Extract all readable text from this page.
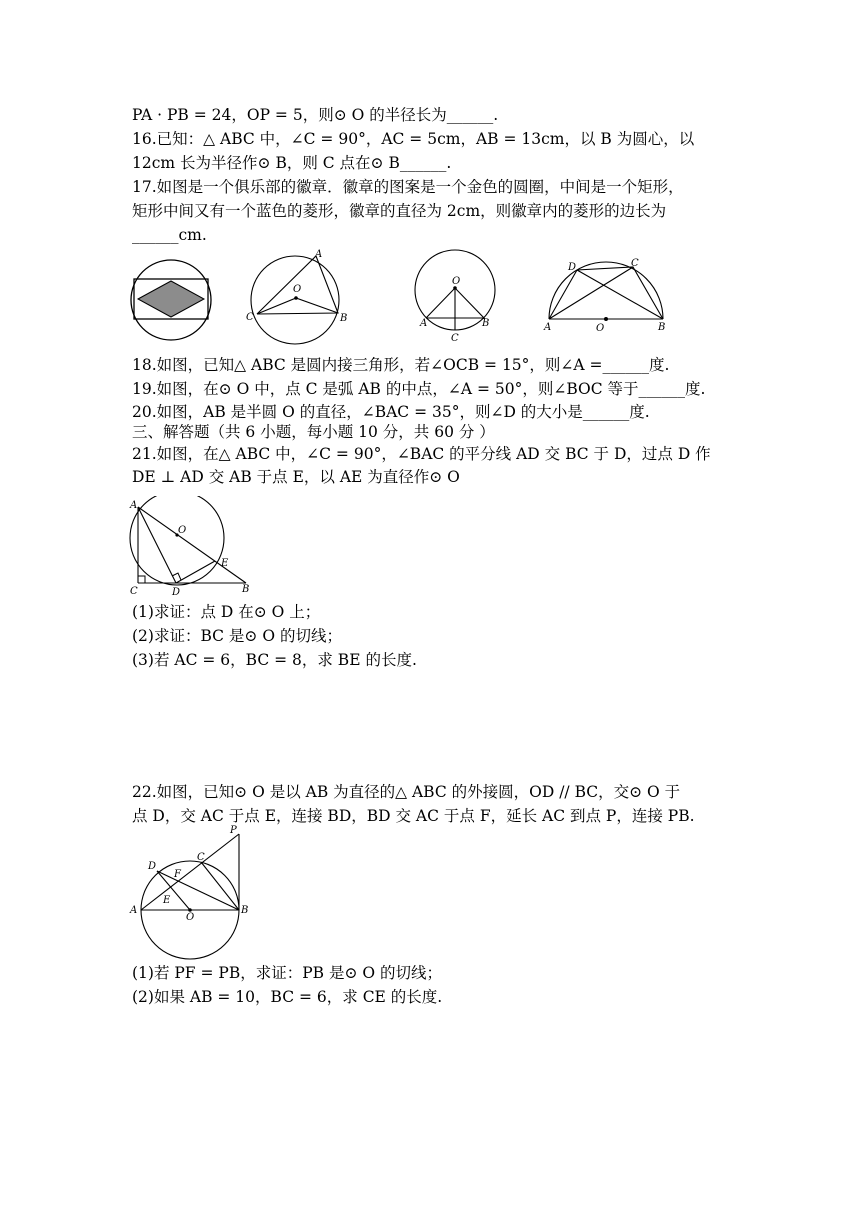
PA · PB = 24，OP = 5，则⊙ O 的半径长为______.
16.已知：△ ABC 中，∠C = 90°，AC = 5cm，AB = 13cm，以 B 为圆心，以
12cm 长为半径作⊙ B，则 C 点在⊙ B______.
17.如图是一个俱乐部的徽章．徽章的图案是一个金色的圆圈，中间是一个矩形，
矩形中间又有一个蓝色的菱形，徽章的直径为 2cm，则徽章内的菱形的边长为
______cm.
A
O
C	B
O
A	B
C
D	C
A	O	B
18.如图，已知△ ABC 是圆内接三角形，若∠OCB = 15°，则∠A =______度.
19.如图，在⊙ O 中，点 C 是弧 AB 的中点，∠A = 50°，则∠BOC 等于______度.
20.如图，AB 是半圆 O 的直径，∠BAC = 35°，则∠D 的大小是______度.
三、解答题（共 6 小题，每小题 10 分，共 60 分 ）
21.如图，在△ ABC 中，∠C = 90°，∠BAC 的平分线 AD 交 BC 于 D，过点 D 作
DE ⊥ AD 交 AB 于点 E，以 AE 为直径作⊙ O
A
O
E
C	D	B
(1)求证：点 D 在⊙ O 上；
(2)求证：BC 是⊙ O 的切线；
(3)若 AC = 6，BC = 8，求 BE 的长度.
22.如图，已知⊙ O 是以 AB 为直径的△ ABC 的外接圆，OD // BC，交⊙ O 于
点 D，交 AC 于点 E，连接 BD，BD 交 AC 于点 F，延长 AC 到点 P，连接 PB.
P
C
D
F
A
E
O
B
(1)若 PF = PB，求证：PB 是⊙ O 的切线；
(2)如果 AB = 10，BC = 6，求 CE 的长度.
